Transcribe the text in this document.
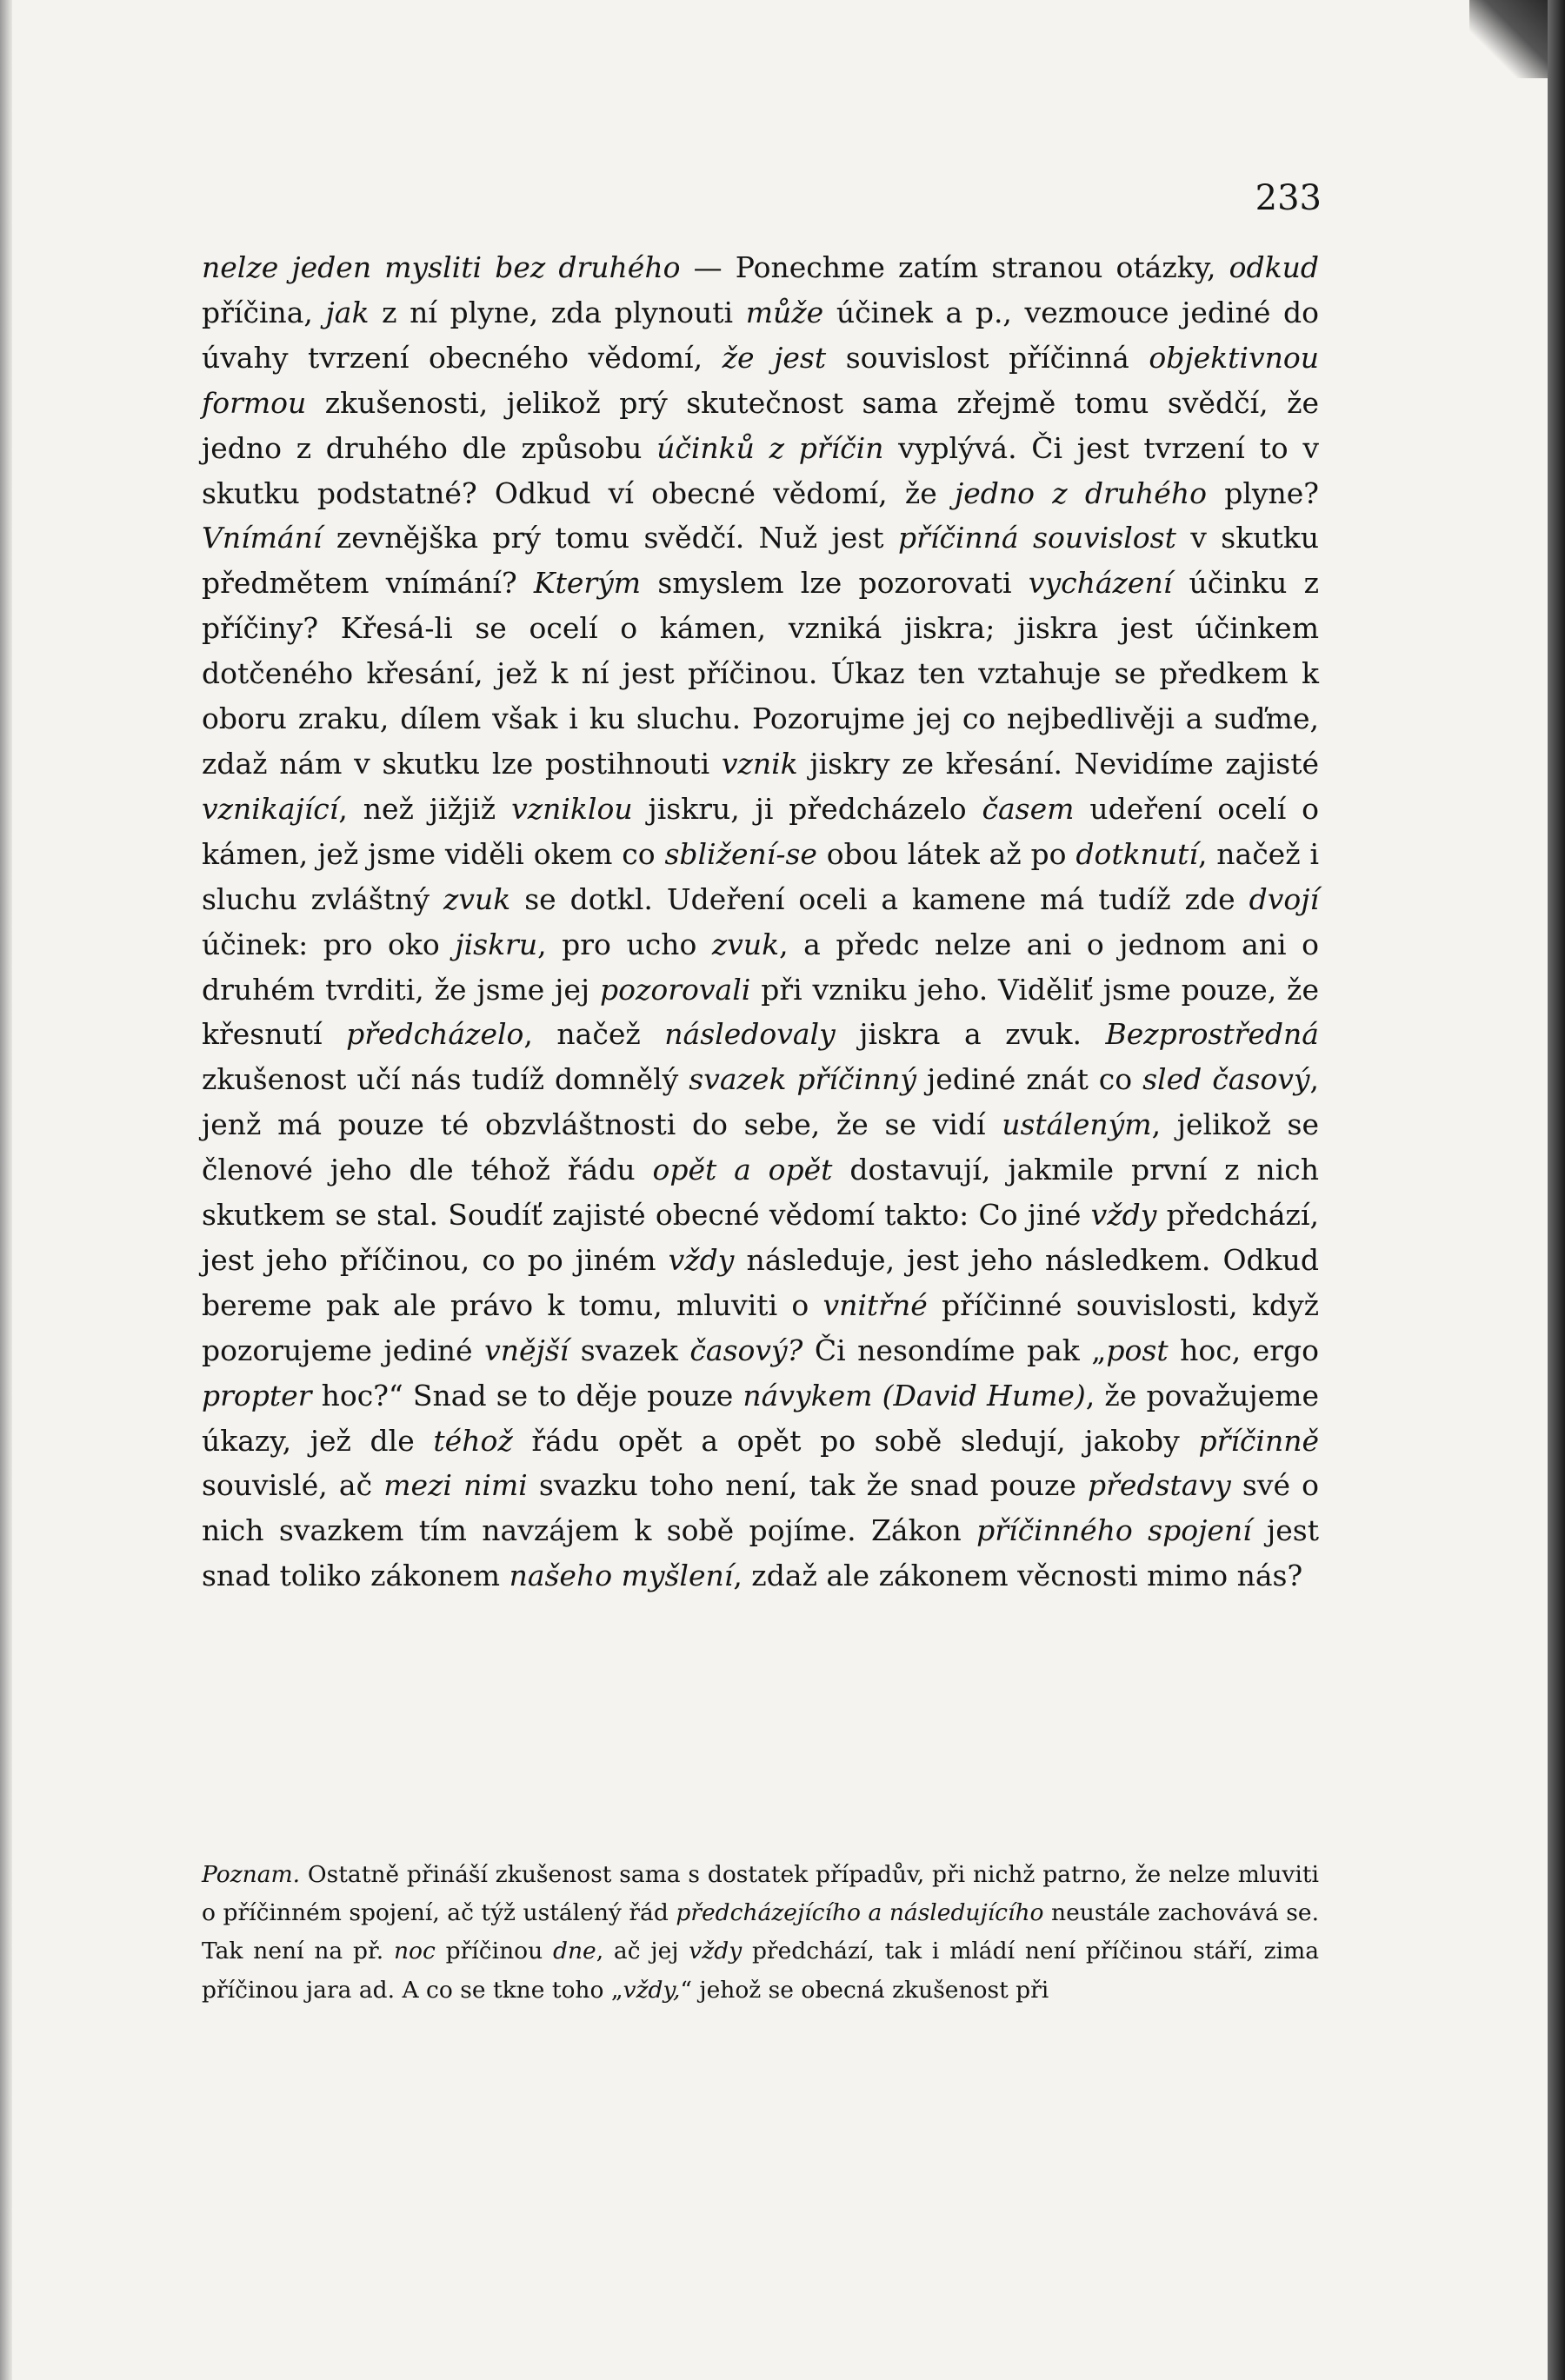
233
nelze jeden mysliti bez druhého — Ponechme zatím stranou otázky, odkud příčina, jak z ní plyne, zda plynouti může účinek a p., vezmouce jediné do úvahy tvrzení obecného vědomí, že jest souvislost příčinná objektivnou formou zkušenosti, jelikož prý skutečnost sama zřejmě tomu svědčí, že jedno z druhého dle způsobu účinků z příčin vyplývá. Či jest tvrzení to v skutku podstatné? Odkud ví obecné vědomí, že jedno z druhého plyne? Vnímání zevnějška prý tomu svědčí. Nuž jest příčinná souvislost v skutku předmětem vnímání? Kterým smyslem lze pozorovati vycházení účinku z příčiny? Křesá-li se ocelí o kámen, vzniká jiskra; jiskra jest účinkem dotčeného křesání, jež k ní jest příčinou. Úkaz ten vztahuje se předkem k oboru zraku, dílem však i ku sluchu. Pozorujme jej co nejbedlivěji a suďme, zdaž nám v skutku lze postihnouti vznik jiskry ze křesání. Nevidíme zajisté vznikající, než jižjiž vzniklou jiskru, ji předcházelo časem udeření ocelí o kámen, jež jsme viděli okem co sbližení-se obou látek až po dotknutí, načež i sluchu zvláštný zvuk se dotkl. Udeření oceli a kamene má tudíž zde dvojí účinek: pro oko jiskru, pro ucho zvuk, a předc nelze ani o jednom ani o druhém tvrditi, že jsme jej pozorovali při vzniku jeho. Viděliť jsme pouze, že křesnutí předcházelo, načež následovaly jiskra a zvuk. Bezprostředná zkušenost učí nás tudíž domnělý svazek příčinný jediné znát co sled časový, jenž má pouze té obzvláštnosti do sebe, že se vidí ustáleným, jelikož se členové jeho dle téhož řádu opět a opět dostavují, jakmile první z nich skutkem se stal. Soudíť zajisté obecné vědomí takto: Co jiné vždy předchází, jest jeho příčinou, co po jiném vždy následuje, jest jeho následkem. Odkud bereme pak ale právo k tomu, mluviti o vnitřné příčinné souvislosti, když pozorujeme jediné vnější svazek časový? Či nesondíme pak „post hoc, ergo propter hoc?“ Snad se to děje pouze návykem (David Hume), že považujeme úkazy, jež dle téhož řádu opět a opět po sobě sledují, jakoby příčinně souvislé, ač mezi nimi svazku toho není, tak že snad pouze představy své o nich svazkem tím navzájem k sobě pojíme. Zákon příčinného spojení jest snad toliko zákonem našeho myšlení, zdaž ale zákonem věcnosti mimo nás?
Poznam. Ostatně přináší zkušenost sama s dostatek případův, při nichž patrno, že nelze mluviti o příčinném spojení, ač týž ustálený řád předcházejícího a následujícího neustále zachovává se. Tak není na př. noc příčinou dne, ač jej vždy předchází, tak i mládí není příčinou stáří, zima příčinou jara ad. A co se tkne toho „vždy,“ jehož se obecná zkušenost při
